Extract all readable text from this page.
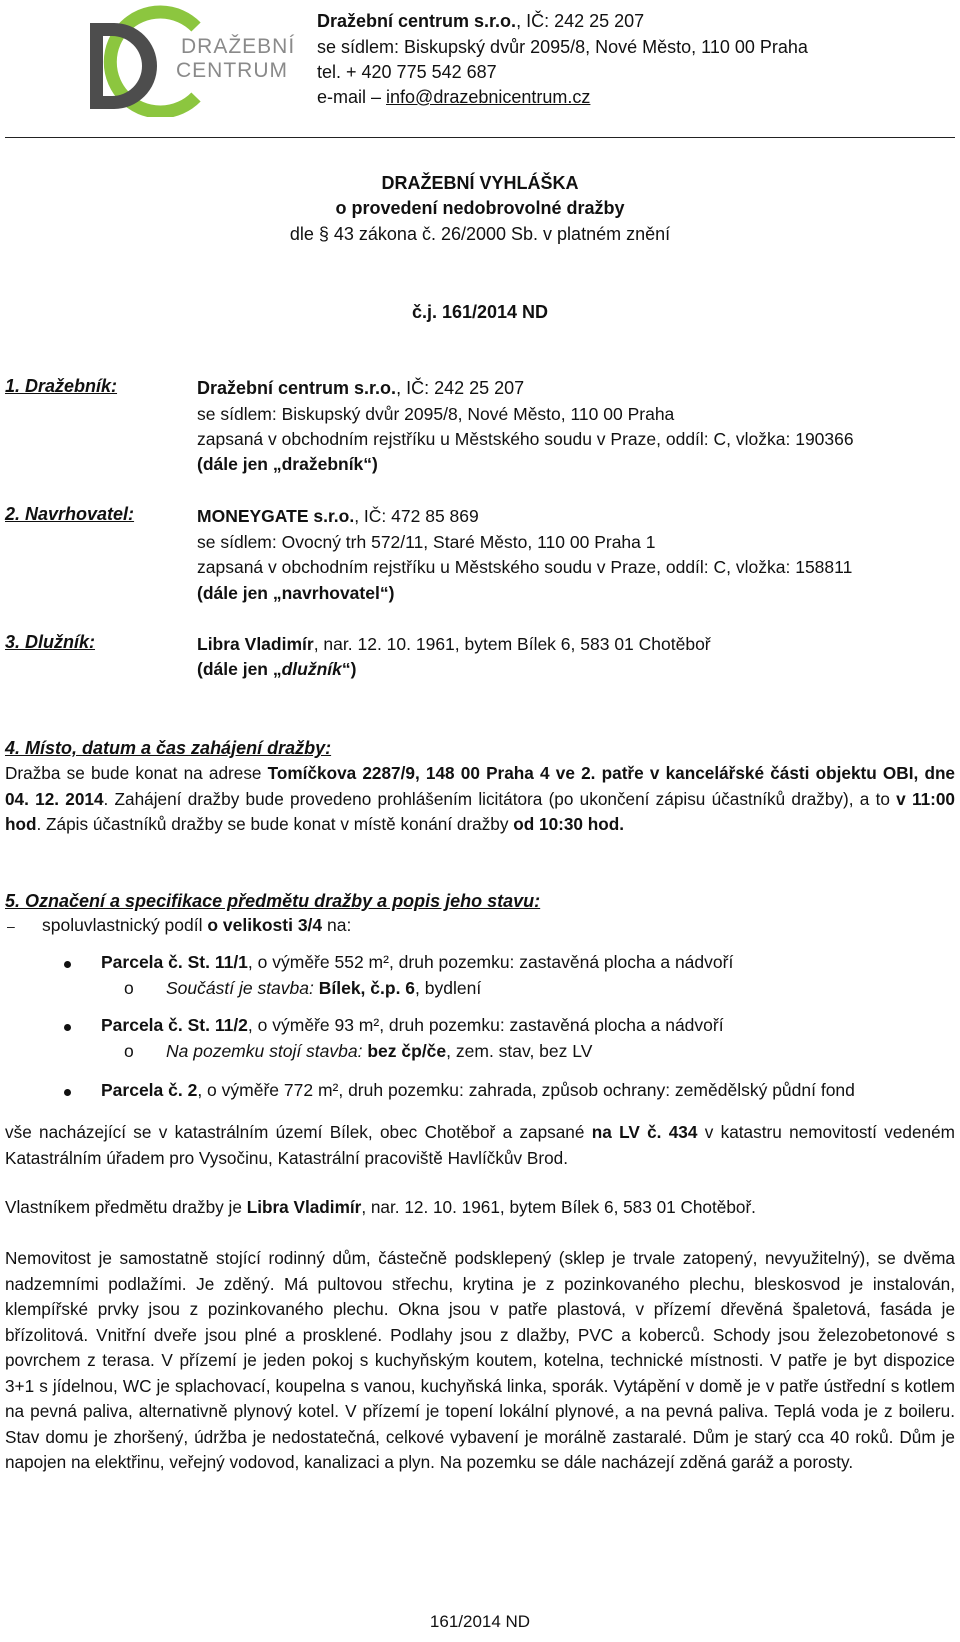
DRAŽEBNÍ
CENTRUM
Dražební centrum s.r.o., IČ: 242 25 207
se sídlem: Biskupský dvůr 2095/8, Nové Město, 110 00 Praha
tel. + 420 775 542 687
e-mail – info@drazebnicentrum.cz
DRAŽEBNÍ VYHLÁŠKA
o provedení nedobrovolné dražby
dle § 43 zákona č. 26/2000 Sb. v platném znění
č.j. 161/2014 ND
1. Dražebník:	Dražební centrum s.r.o., IČ: 242 25 207
se sídlem: Biskupský dvůr 2095/8, Nové Město, 110 00 Praha
zapsaná v obchodním rejstříku u Městského soudu v Praze, oddíl: C, vložka: 190366
(dále jen „dražebník“)
2. Navrhovatel:	MONEYGATE s.r.o., IČ: 472 85 869
se sídlem: Ovocný trh 572/11, Staré Město, 110 00 Praha 1
zapsaná v obchodním rejstříku u Městského soudu v Praze, oddíl: C, vložka: 158811
(dále jen „navrhovatel“)
3. Dlužník:	Libra Vladimír, nar. 12. 10. 1961, bytem Bílek 6, 583 01 Chotěboř
(dále jen „dlužník“)
4. Místo, datum a čas zahájení dražby:
Dražba se bude konat na adrese Tomíčkova 2287/9, 148 00 Praha 4 ve 2. patře v kancelářské části objektu OBI, dne 04. 12. 2014. Zahájení dražby bude provedeno prohlášením licitátora (po ukončení zápisu účastníků dražby), a to v 11:00 hod. Zápis účastníků dražby se bude konat v místě konání dražby od 10:30 hod.
5. Označení a specifikace předmětu dražby a popis jeho stavu:
‒ spoluvlastnický podíl o velikosti 3/4 na:
Parcela č. St. 11/1, o výměře 552 m², druh pozemku: zastavěná plocha a nádvoří
o Součástí je stavba: Bílek, č.p. 6, bydlení
Parcela č. St. 11/2, o výměře 93 m², druh pozemku: zastavěná plocha a nádvoří
o Na pozemku stojí stavba: bez čp/če, zem. stav, bez LV
Parcela č. 2, o výměře 772 m², druh pozemku: zahrada, způsob ochrany: zemědělský půdní fond
vše nacházející se v katastrálním území Bílek, obec Chotěboř a zapsané na LV č. 434 v katastru nemovitostí vedeném Katastrálním úřadem pro Vysočinu, Katastrální pracoviště Havlíčkův Brod.
Vlastníkem předmětu dražby je Libra Vladimír, nar. 12. 10. 1961, bytem Bílek 6, 583 01 Chotěboř.
Nemovitost je samostatně stojící rodinný dům, částečně podsklepený (sklep je trvale zatopený, nevyužitelný), se dvěma nadzemními podlažími. Je zděný. Má pultovou střechu, krytina je z pozinkovaného plechu, bleskosvod je instalován, klempířské prvky jsou z pozinkovaného plechu. Okna jsou v patře plastová, v přízemí dřevěná špaletová, fasáda je břízolitová. Vnitřní dveře jsou plné a prosklené. Podlahy jsou z dlažby, PVC a koberců. Schody jsou železobetonové s povrchem z terasa. V přízemí je jeden pokoj s kuchyňským koutem, kotelna, technické místnosti. V patře je byt dispozice 3+1 s jídelnou, WC je splachovací, koupelna s vanou, kuchyňská linka, sporák. Vytápění v domě je v patře ústřední s kotlem na pevná paliva, alternativně plynový kotel. V přízemí je topení lokální plynové, a na pevná paliva. Teplá voda je z boileru. Stav domu je zhoršený, údržba je nedostatečná, celkové vybavení je morálně zastaralé. Dům je starý cca 40 roků. Dům je napojen na elektřinu, veřejný vodovod, kanalizaci a plyn. Na pozemku se dále nacházejí zděná garáž a porosty.
161/2014 ND
